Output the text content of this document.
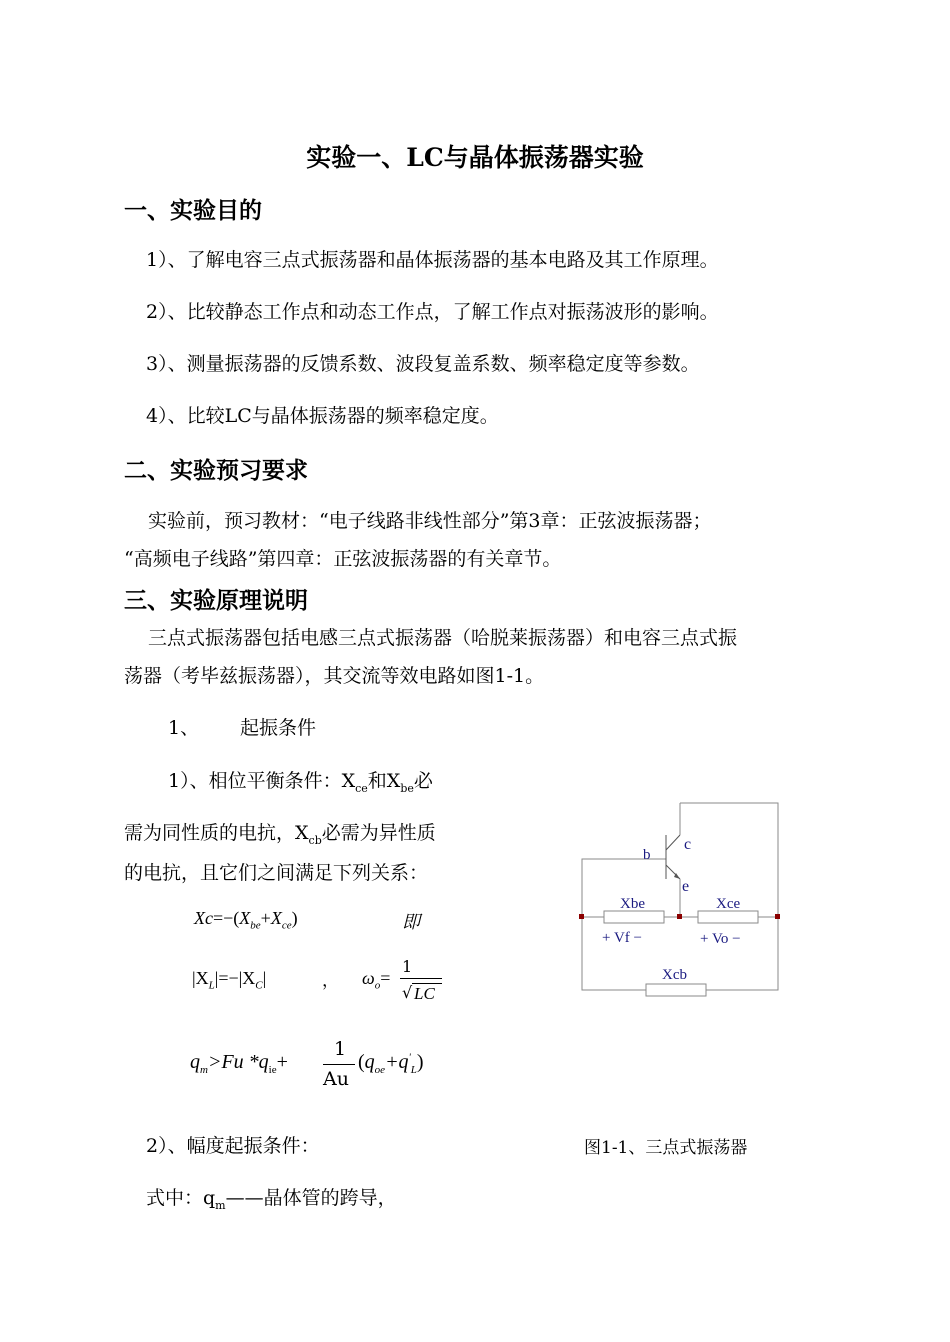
实验一、LC与晶体振荡器实验
一、实验目的
1）、了解电容三点式振荡器和晶体振荡器的基本电路及其工作原理。
2）、比较静态工作点和动态工作点，了解工作点对振荡波形的影响。
3）、测量振荡器的反馈系数、波段复盖系数、频率稳定度等参数。
4）、比较LC与晶体振荡器的频率稳定度。
二、实验预习要求
实验前，预习教材：“电子线路非线性部分”第3章：正弦波振荡器；
“高频电子线路”第四章：正弦波振荡器的有关章节。
三、实验原理说明
三点式振荡器包括电感三点式振荡器（哈脱莱振荡器）和电容三点式振
荡器（考毕兹振荡器），其交流等效电路如图1-1。
1、 起振条件
1）、相位平衡条件：$X_{ce}$和$X_{be}$必
需为同性质的电抗，$X_{cb}$必需为异性质
的电抗，且它们之间满足下列关系：
$Xc=-(X_{be}+X_{ce})$	即
$|X_L|=-|X_C|$	， $\omega_o=$
1
√ LC
$q_m>Fu$ $*q_{ie}+$
1
Au
$(q_{oe}+q'_L)$
2）、幅度起振条件：	图1-1、三点式振荡器
式中：$q_m——$晶体管的跨导，
b
c
e
Xbe	Xce
+ Vf −	+ Vo −
Xcb
